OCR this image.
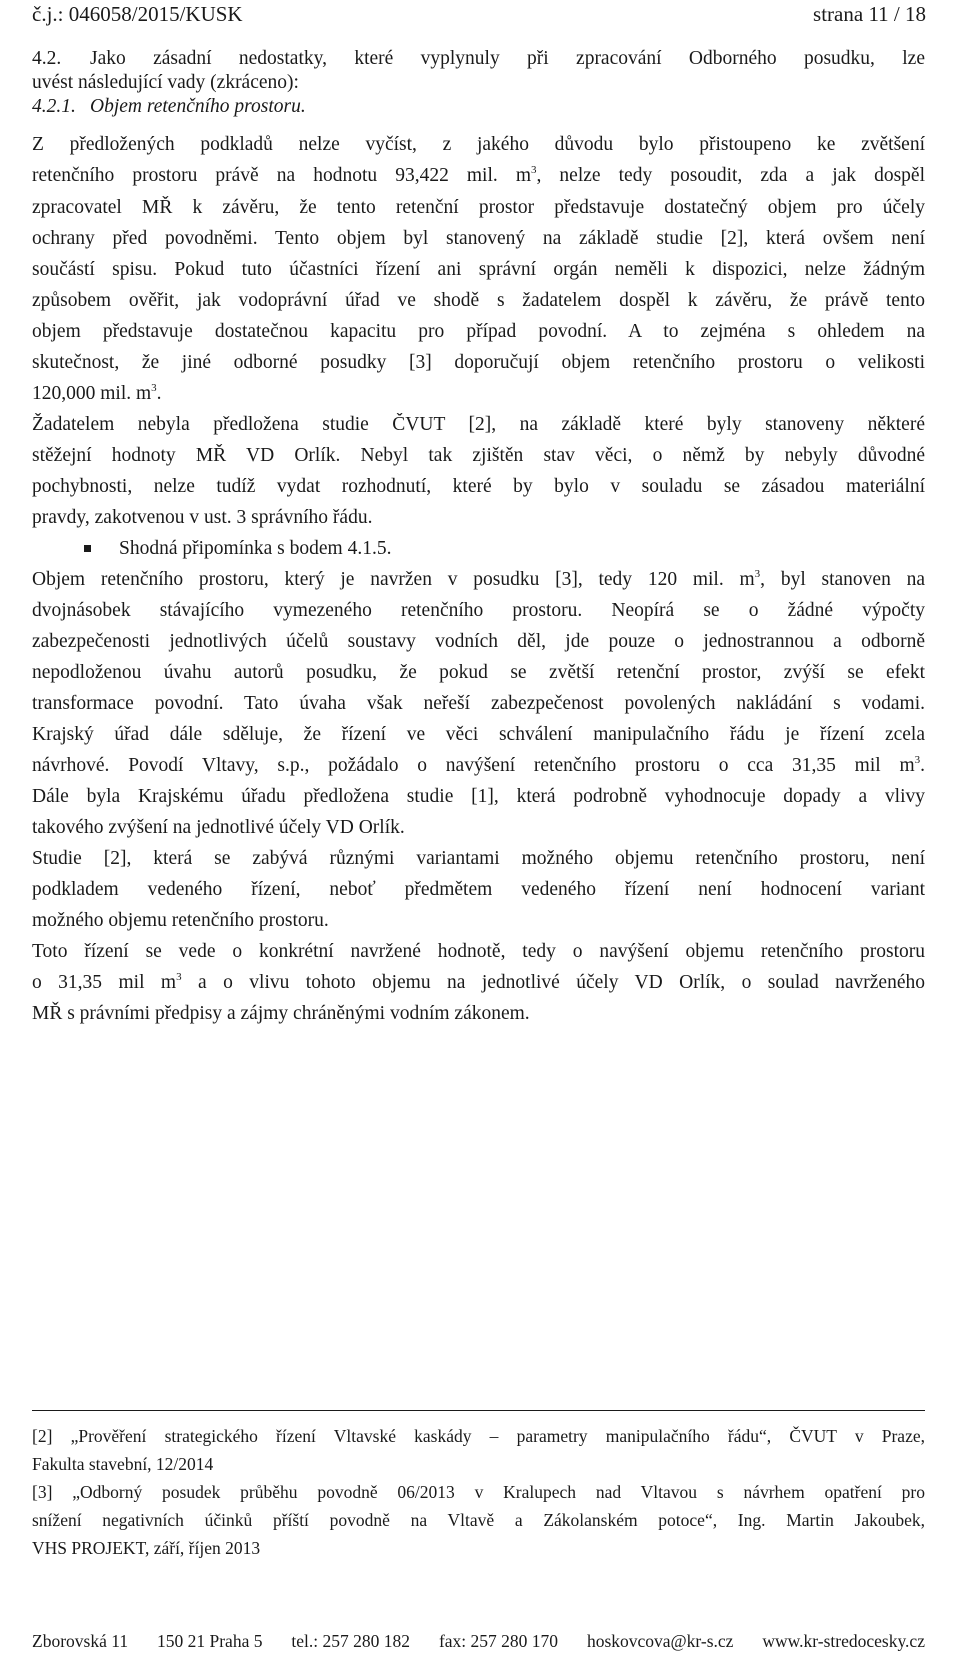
č.j.: 046058/2015/KUSK	strana 11 / 18
4.2. Jako zásadní nedostatky, které vyplynuly při zpracování Odborného posudku, lze
uvést následující vady (zkráceno):
4.2.1. Objem retenčního prostoru.
Z předložených podkladů nelze vyčíst, z jakého důvodu bylo přistoupeno ke zvětšení
retenčního prostoru právě na hodnotu 93,422 mil. $m^3$, nelze tedy posoudit, zda a jak dospěl
zpracovatel MŘ k závěru, že tento retenční prostor představuje dostatečný objem pro účely
ochrany před povodněmi. Tento objem byl stanovený na základě studie [2], která ovšem není
součástí spisu. Pokud tuto účastníci řízení ani správní orgán neměli k dispozici, nelze žádným
způsobem ověřit, jak vodoprávní úřad ve shodě s žadatelem dospěl k závěru, že právě tento
objem představuje dostatečnou kapacitu pro případ povodní. A to zejména s ohledem na
skutečnost, že jiné odborné posudky [3] doporučují objem retenčního prostoru o velikosti
120,000 mil. $m^3$.
Žadatelem nebyla předložena studie ČVUT [2], na základě které byly stanoveny některé
stěžejní hodnoty MŘ VD Orlík. Nebyl tak zjištěn stav věci, o němž by nebyly důvodné
pochybnosti, nelze tudíž vydat rozhodnutí, které by bylo v souladu se zásadou materiální
pravdy, zakotvenou v ust. 3 správního řádu.
Shodná připomínka s bodem 4.1.5.
Objem retenčního prostoru, který je navržen v posudku [3], tedy 120 mil. $m^3$, byl stanoven na
dvojnásobek stávajícího vymezeného retenčního prostoru. Neopírá se o žádné výpočty
zabezpečenosti jednotlivých účelů soustavy vodních děl, jde pouze o jednostrannou a odborně
nepodloženou úvahu autorů posudku, že pokud se zvětší retenční prostor, zvýší se efekt
transformace povodní. Tato úvaha však neřeší zabezpečenost povolených nakládání s vodami.
Krajský úřad dále sděluje, že řízení ve věci schválení manipulačního řádu je řízení zcela
návrhové. Povodí Vltavy, s.p., požádalo o navýšení retenčního prostoru o cca 31,35 mil $m^3$.
Dále byla Krajskému úřadu předložena studie [1], která podrobně vyhodnocuje dopady a vlivy
takového zvýšení na jednotlivé účely VD Orlík.
Studie [2], která se zabývá různými variantami možného objemu retenčního prostoru, není
podkladem vedeného řízení, neboť předmětem vedeného řízení není hodnocení variant
možného objemu retenčního prostoru.
Toto řízení se vede o konkrétní navržené hodnotě, tedy o navýšení objemu retenčního prostoru
o 31,35 mil $m^3$ a o vlivu tohoto objemu na jednotlivé účely VD Orlík, o soulad navrženého
MŘ s právními předpisy a zájmy chráněnými vodním zákonem.
[2] „Prověření strategického řízení Vltavské kaskády – parametry manipulačního řádu“, ČVUT v Praze,
Fakulta stavební, 12/2014
[3] „Odborný posudek průběhu povodně 06/2013 v Kralupech nad Vltavou s návrhem opatření pro
snížení negativních účinků příští povodně na Vltavě a Zákolanském potoce“, Ing. Martin Jakoubek,
VHS PROJEKT, září, říjen 2013
Zborovská 11 150 21 Praha 5 tel.: 257 280 182 fax: 257 280 170 hoskovcova@kr-s.cz www.kr-stredocesky.cz
